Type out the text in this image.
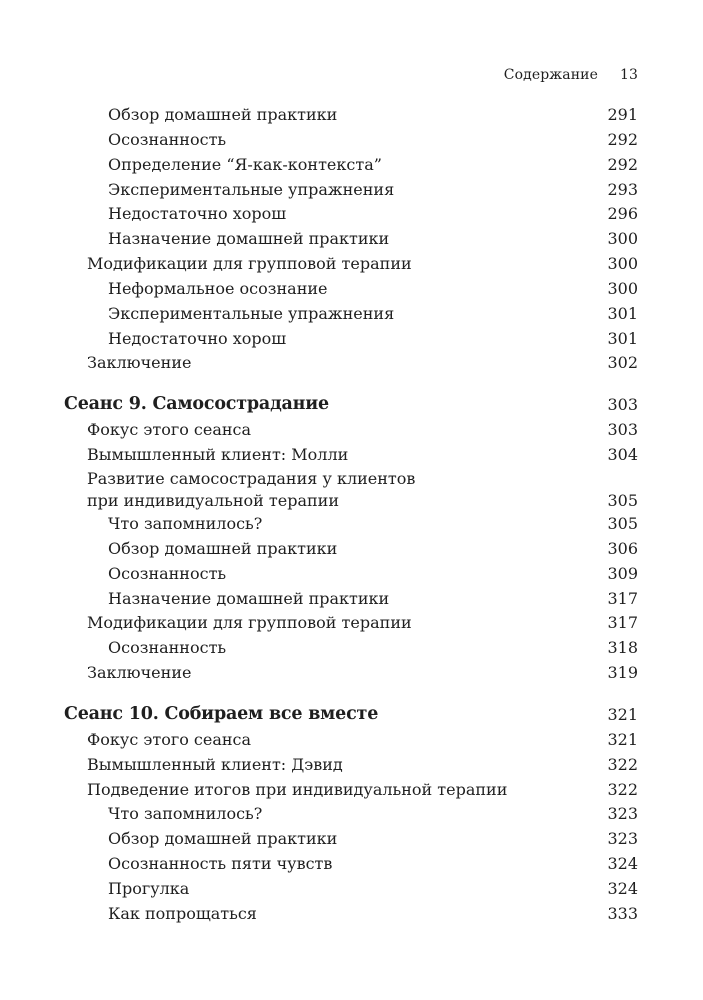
Содержание 13
Обзор домашней практики	291
Осознанность	292
Определение “Я-как-контекста”	292
Экспериментальные упражнения	293
Недостаточно хорош	296
Назначение домашней практики	300
Модификации для групповой терапии	300
Неформальное осознание	300
Экспериментальные упражнения	301
Недостаточно хорош	301
Заключение	302
Сеанс 9. Самосострадание	303
Фокус этого сеанса	303
Вымышленный клиент: Молли	304
Развитие самосострадания у клиентов
при индивидуальной терапии	305
Что запомнилось?	305
Обзор домашней практики	306
Осознанность	309
Назначение домашней практики	317
Модификации для групповой терапии	317
Осознанность	318
Заключение	319
Сеанс 10. Собираем все вместе	321
Фокус этого сеанса	321
Вымышленный клиент: Дэвид	322
Подведение итогов при индивидуальной терапии	322
Что запомнилось?	323
Обзор домашней практики	323
Осознанность пяти чувств	324
Прогулка	324
Как попрощаться	333
